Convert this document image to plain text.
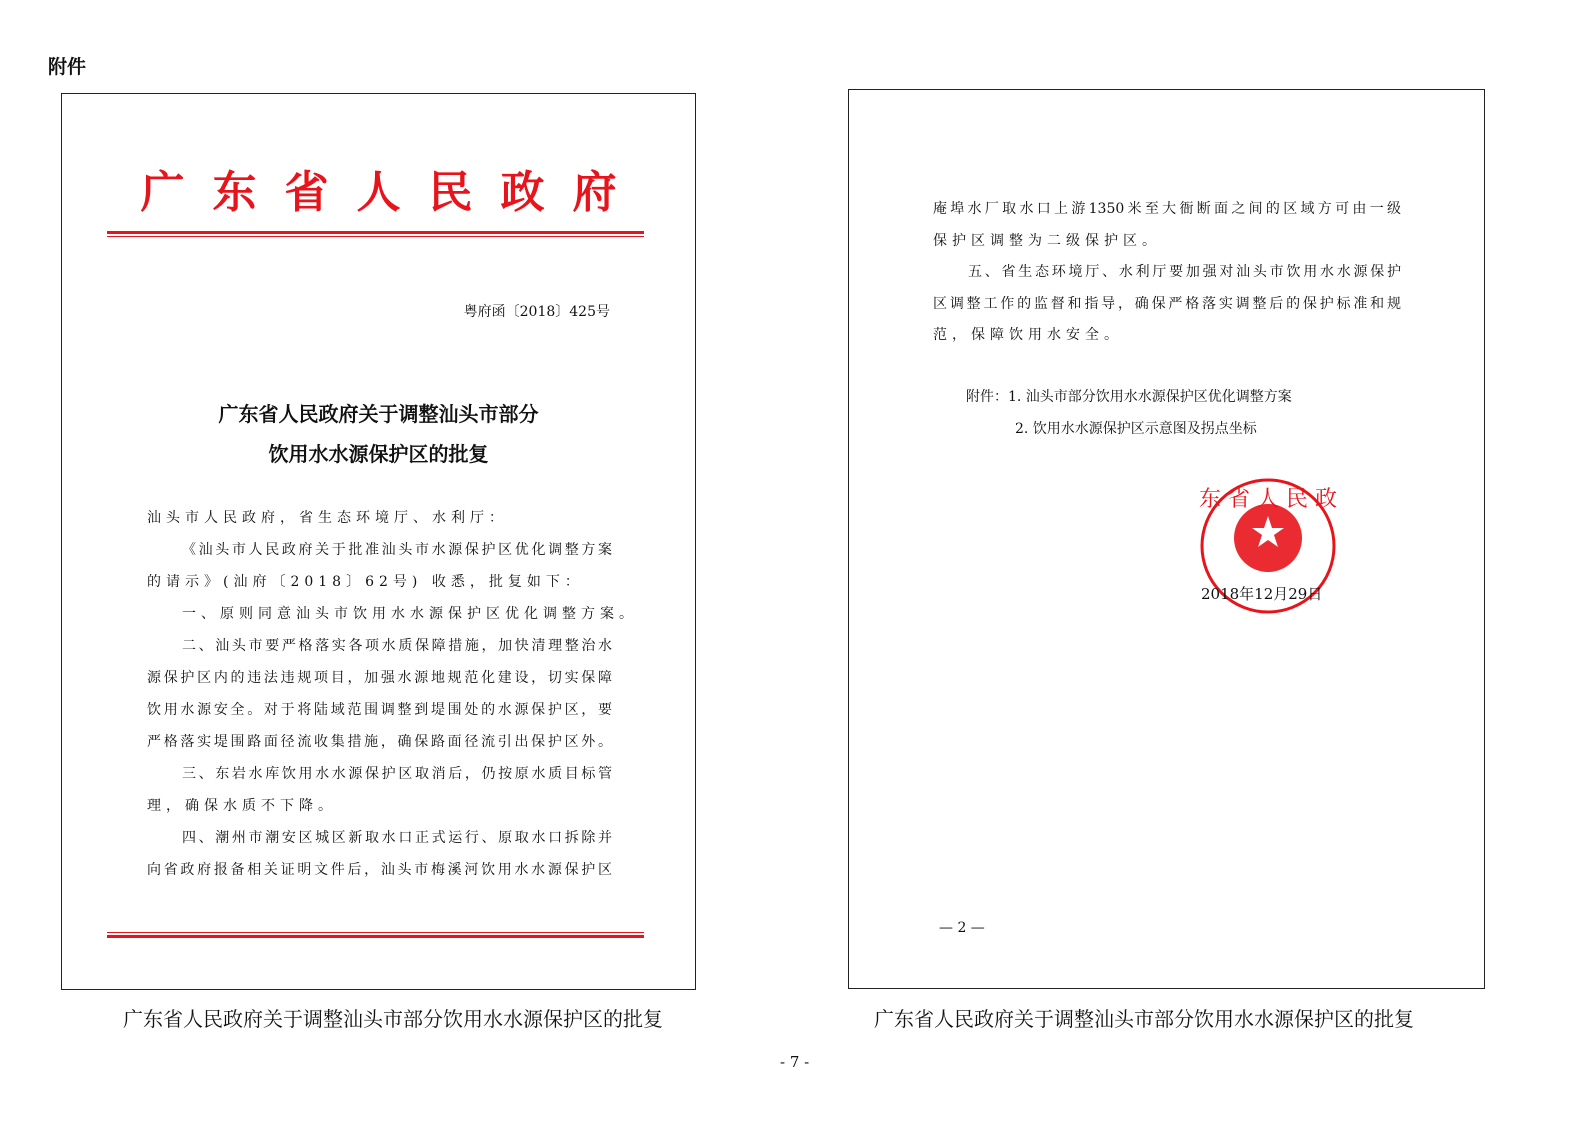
附件
广东省人民政府
粤府函〔2018〕425号
广东省人民政府关于调整汕头市部分
饮用水水源保护区的批复
汕头市人民政府，省生态环境厅、水利厅：
《汕头市人民政府关于批准汕头市水源保护区优化调整方案
的请示》(汕府〔2018〕62号) 收悉，批复如下：
一、原则同意汕头市饮用水水源保护区优化调整方案。
二、汕头市要严格落实各项水质保障措施，加快清理整治水
源保护区内的违法违规项目，加强水源地规范化建设，切实保障
饮用水源安全。对于将陆域范围调整到堤围处的水源保护区，要
严格落实堤围路面径流收集措施，确保路面径流引出保护区外。
三、东岩水库饮用水水源保护区取消后，仍按原水质目标管
理，确保水质不下降。
四、潮州市潮安区城区新取水口正式运行、原取水口拆除并
向省政府报备相关证明文件后，汕头市梅溪河饮用水水源保护区
庵埠水厂取水口上游1350米至大衙断面之间的区域方可由一级
保护区调整为二级保护区。
五、省生态环境厅、水利厅要加强对汕头市饮用水水源保护
区调整工作的监督和指导，确保严格落实调整后的保护标准和规
范，保障饮用水安全。
附件：1. 汕头市部分饮用水水源保护区优化调整方案
2. 饮用水水源保护区示意图及拐点坐标
东 省 人 民 政
2018年12月29日
— 2 —
广东省人民政府关于调整汕头市部分饮用水水源保护区的批复	广东省人民政府关于调整汕头市部分饮用水水源保护区的批复
- 7 -
